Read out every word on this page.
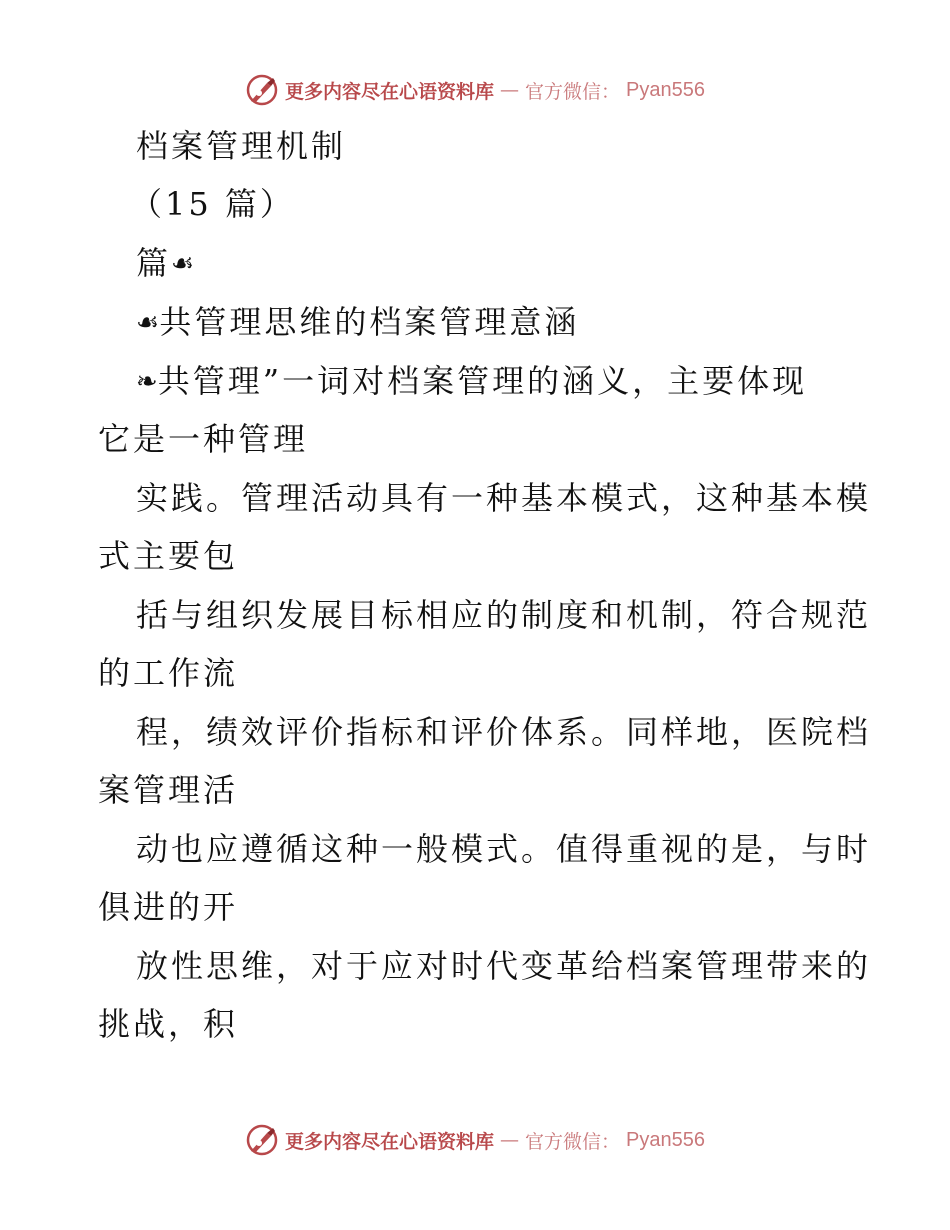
更多内容尽在心语资料库 — 官方微信： Pyan556
档案管理机制
（15 篇）
篇☙
☙共管理思维的档案管理意涵
❧共管理”一词对档案管理的涵义，主要体现
它是一种管理
实践。管理活动具有一种基本模式，这种基本模
式主要包
括与组织发展目标相应的制度和机制，符合规范
的工作流
程，绩效评价指标和评价体系。同样地，医院档
案管理活
动也应遵循这种一般模式。值得重视的是，与时
俱进的开
放性思维，对于应对时代变革给档案管理带来的
挑战，积
更多内容尽在心语资料库 — 官方微信： Pyan556
